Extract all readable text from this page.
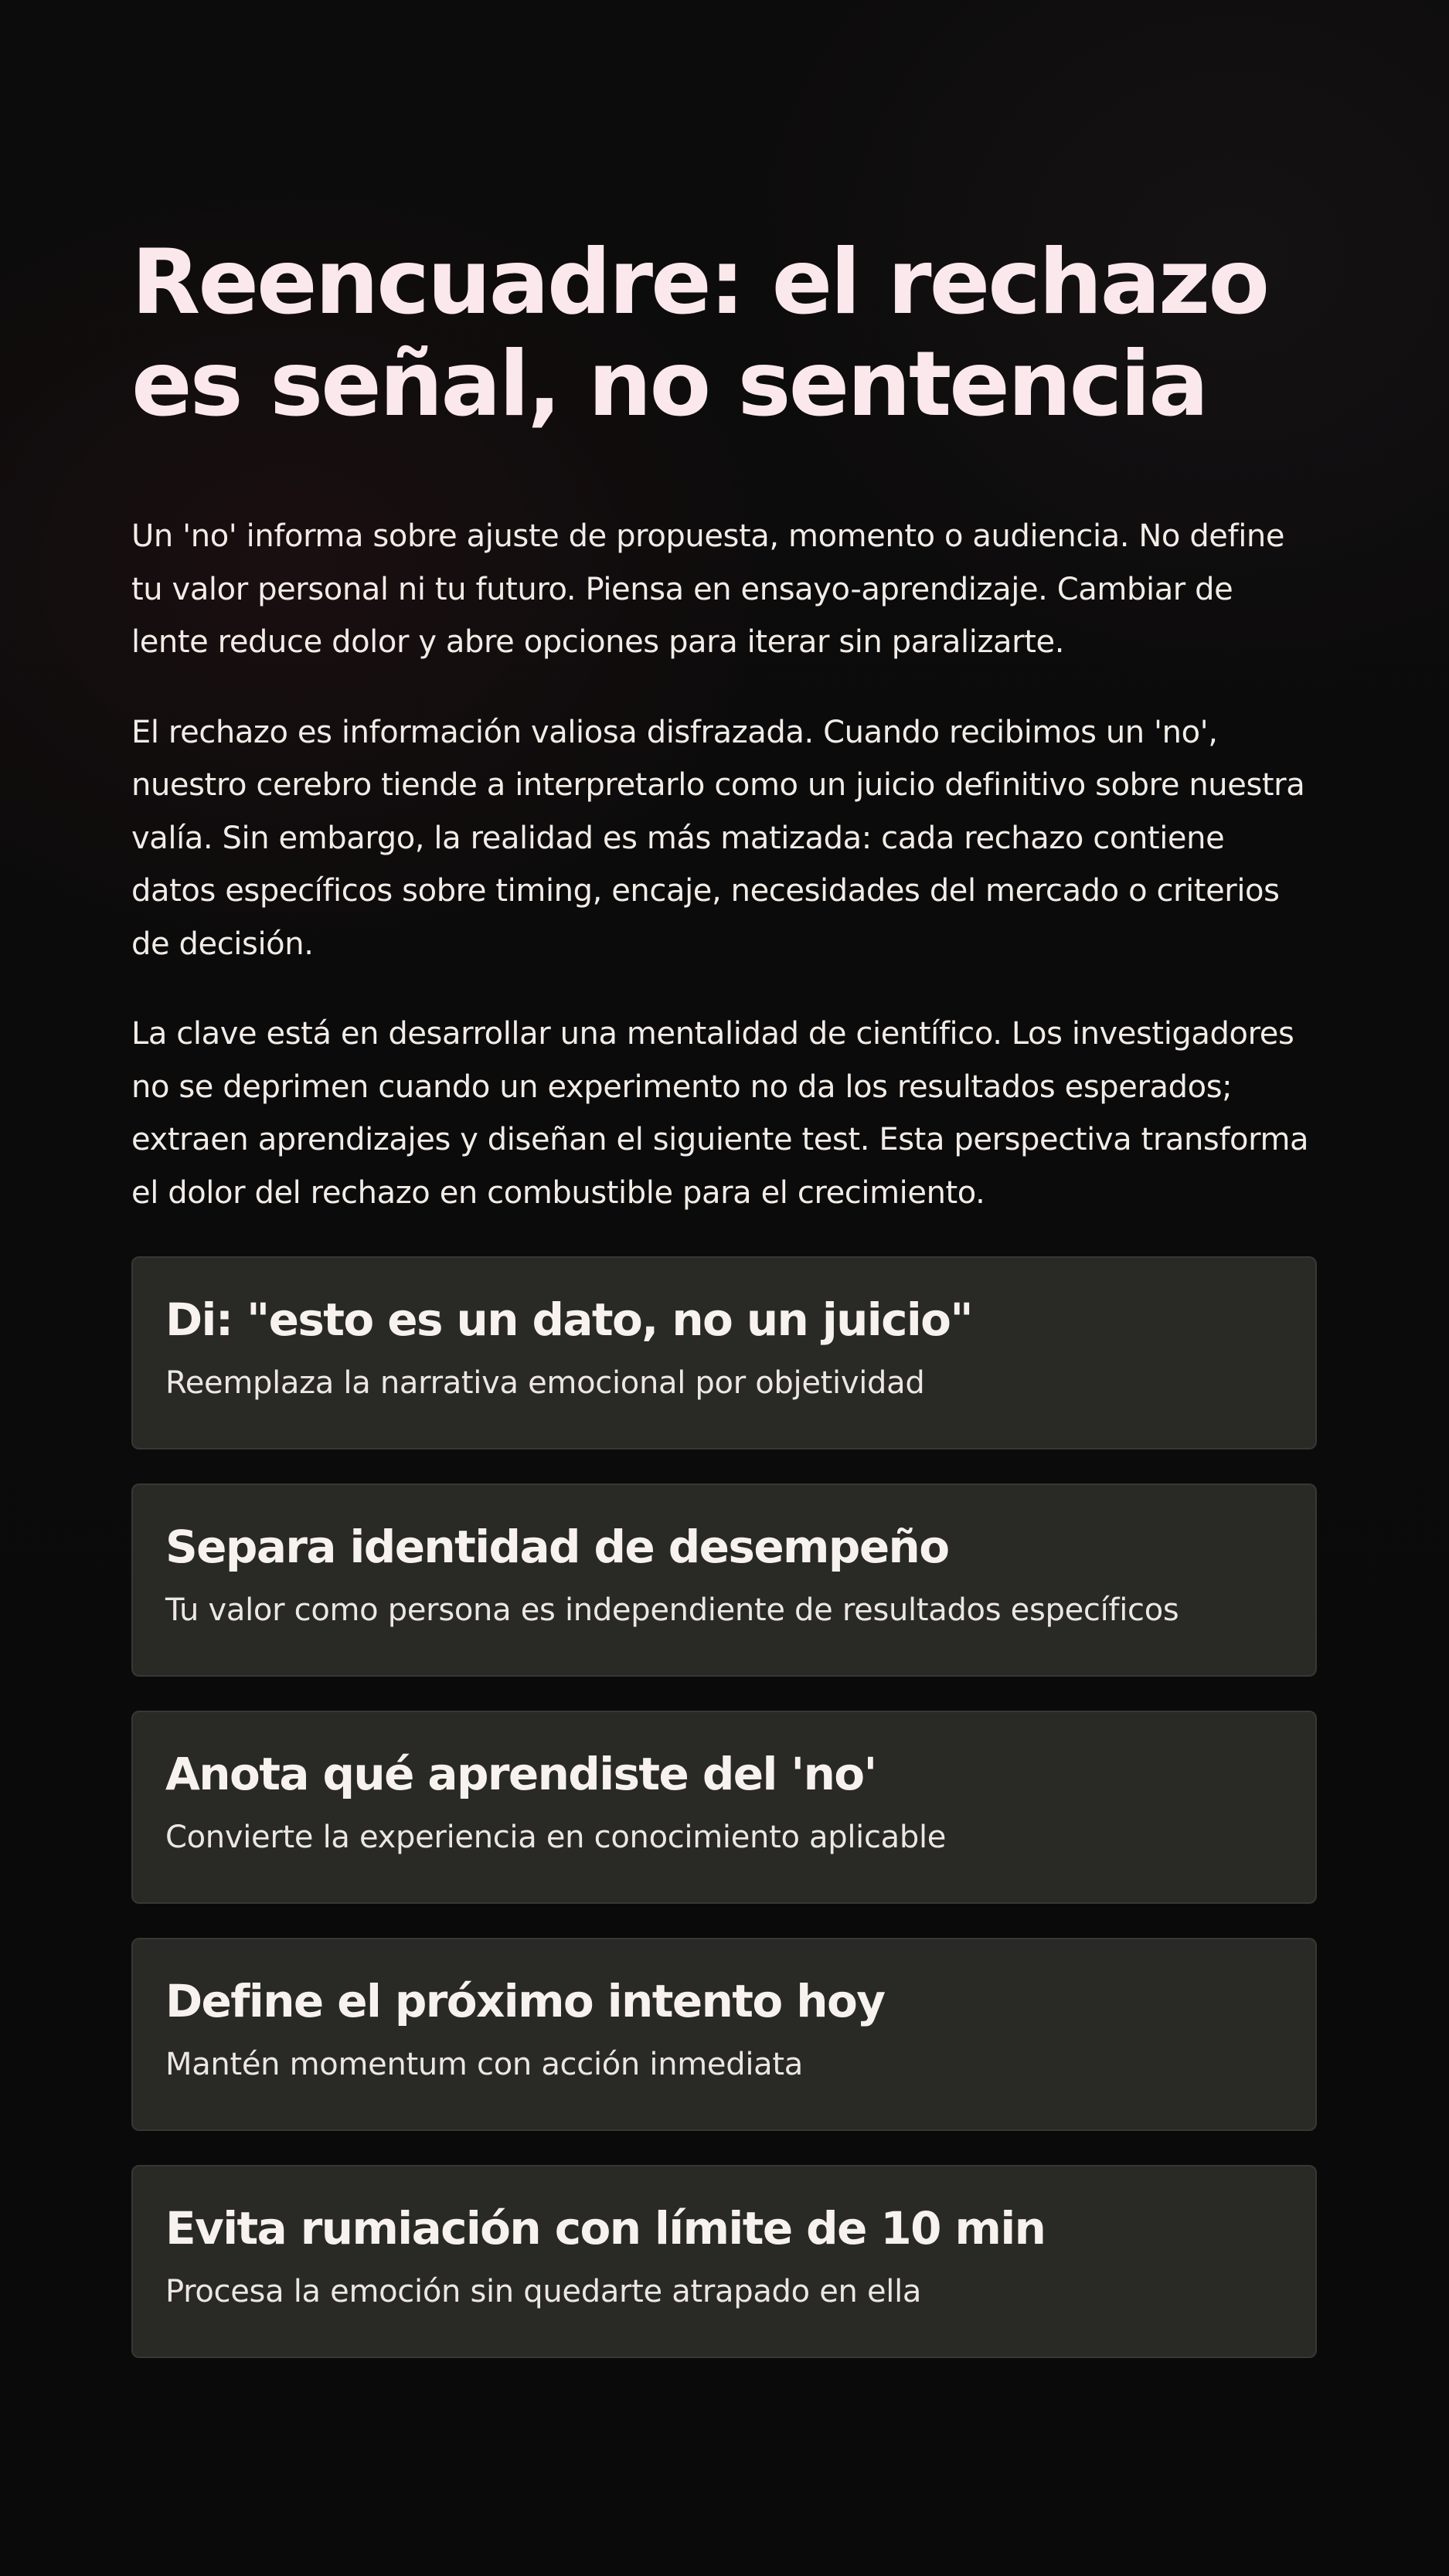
Reencuadre: el rechazo es señal, no sentencia

Un 'no' informa sobre ajuste de propuesta, momento o audiencia. No define tu valor personal ni tu futuro. Piensa en ensayo-aprendizaje. Cambiar de lente reduce dolor y abre opciones para iterar sin paralizarte.

El rechazo es información valiosa disfrazada. Cuando recibimos un 'no', nuestro cerebro tiende a interpretarlo como un juicio definitivo sobre nuestra valía. Sin embargo, la realidad es más matizada: cada rechazo contiene datos específicos sobre timing, encaje, necesidades del mercado o criterios de decisión.

La clave está en desarrollar una mentalidad de científico. Los investigadores no se deprimen cuando un experimento no da los resultados esperados; extraen aprendizajes y diseñan el siguiente test. Esta perspectiva transforma el dolor del rechazo en combustible para el crecimiento.

Di: "esto es un dato, no un juicio"

Reemplaza la narrativa emocional por objetividad

Separa identidad de desempeño

Tu valor como persona es independiente de resultados específicos

Anota qué aprendiste del 'no'

Convierte la experiencia en conocimiento aplicable

Define el próximo intento hoy

Mantén momentum con acción inmediata

Evita rumiación con límite de 10 min

Procesa la emoción sin quedarte atrapado en ella
